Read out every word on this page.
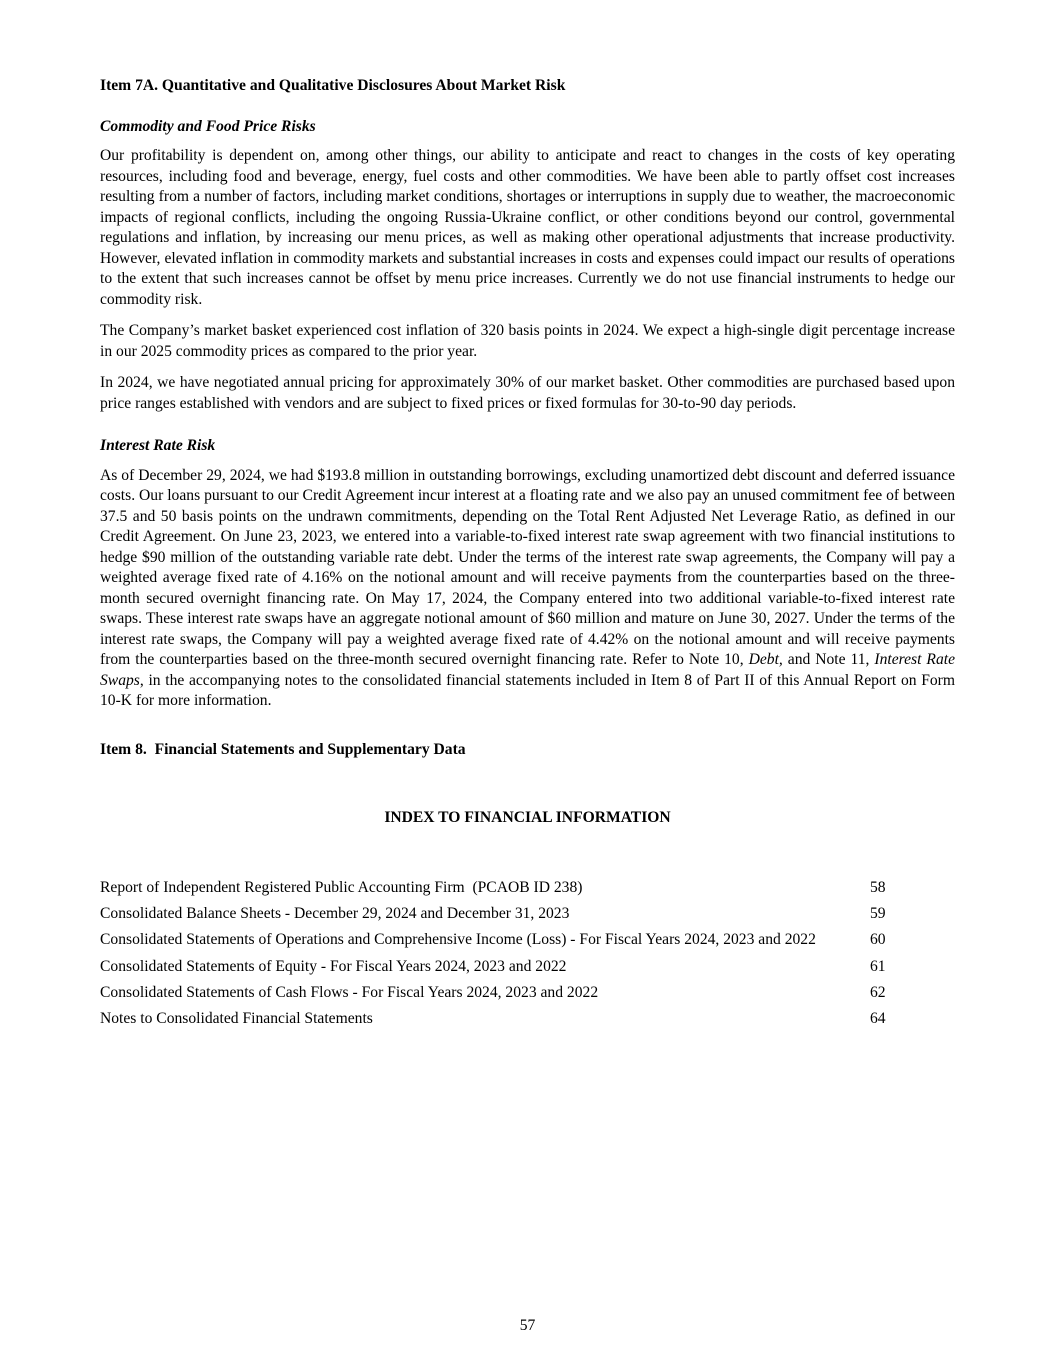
Item 7A. Quantitative and Qualitative Disclosures About Market Risk
Commodity and Food Price Risks

Our profitability is dependent on, among other things, our ability to anticipate and react to changes in the costs of key operating resources, including food and beverage, energy, fuel costs and other commodities. We have been able to partly offset cost increases resulting from a number of factors, including market conditions, shortages or interruptions in supply due to weather, the macroeconomic impacts of regional conflicts, including the ongoing Russia-Ukraine conflict, or other conditions beyond our control, governmental regulations and inflation, by increasing our menu prices, as well as making other operational adjustments that increase productivity. However, elevated inflation in commodity markets and substantial increases in costs and expenses could impact our results of operations to the extent that such increases cannot be offset by menu price increases. Currently we do not use financial instruments to hedge our commodity risk.

The Company’s market basket experienced cost inflation of 320 basis points in 2024. We expect a high-single digit percentage increase in our 2025 commodity prices as compared to the prior year.

In 2024, we have negotiated annual pricing for approximately 30% of our market basket. Other commodities are purchased based upon price ranges established with vendors and are subject to fixed prices or fixed formulas for 30-to-90 day periods.

Interest Rate Risk

As of December 29, 2024, we had $193.8 million in outstanding borrowings, excluding unamortized debt discount and deferred issuance costs. Our loans pursuant to our Credit Agreement incur interest at a floating rate and we also pay an unused commitment fee of between 37.5 and 50 basis points on the undrawn commitments, depending on the Total Rent Adjusted Net Leverage Ratio, as defined in our Credit Agreement. On June 23, 2023, we entered into a variable-to-fixed interest rate swap agreement with two financial institutions to hedge $90 million of the outstanding variable rate debt. Under the terms of the interest rate swap agreements, the Company will pay a weighted average fixed rate of 4.16% on the notional amount and will receive payments from the counterparties based on the three-month secured overnight financing rate. On May 17, 2024, the Company entered into two additional variable-to-fixed interest rate swaps. These interest rate swaps have an aggregate notional amount of $60 million and mature on June 30, 2027. Under the terms of the interest rate swaps, the Company will pay a weighted average fixed rate of 4.42% on the notional amount and will receive payments from the counterparties based on the three-month secured overnight financing rate. Refer to Note 10, Debt, and Note 11, Interest Rate Swaps, in the accompanying notes to the consolidated financial statements included in Item 8 of Part II of this Annual Report on Form 10-K for more information.

Item 8.  Financial Statements and Supplementary Data
INDEX TO FINANCIAL INFORMATION
Report of Independent Registered Public Accounting Firm  (PCAOB ID 238)	58
Consolidated Balance Sheets - December 29, 2024 and December 31, 2023	59
Consolidated Statements of Operations and Comprehensive Income (Loss) - For Fiscal Years 2024, 2023 and 2022	60
Consolidated Statements of Equity - For Fiscal Years 2024, 2023 and 2022	61
Consolidated Statements of Cash Flows - For Fiscal Years 2024, 2023 and 2022	62
Notes to Consolidated Financial Statements	64
57
